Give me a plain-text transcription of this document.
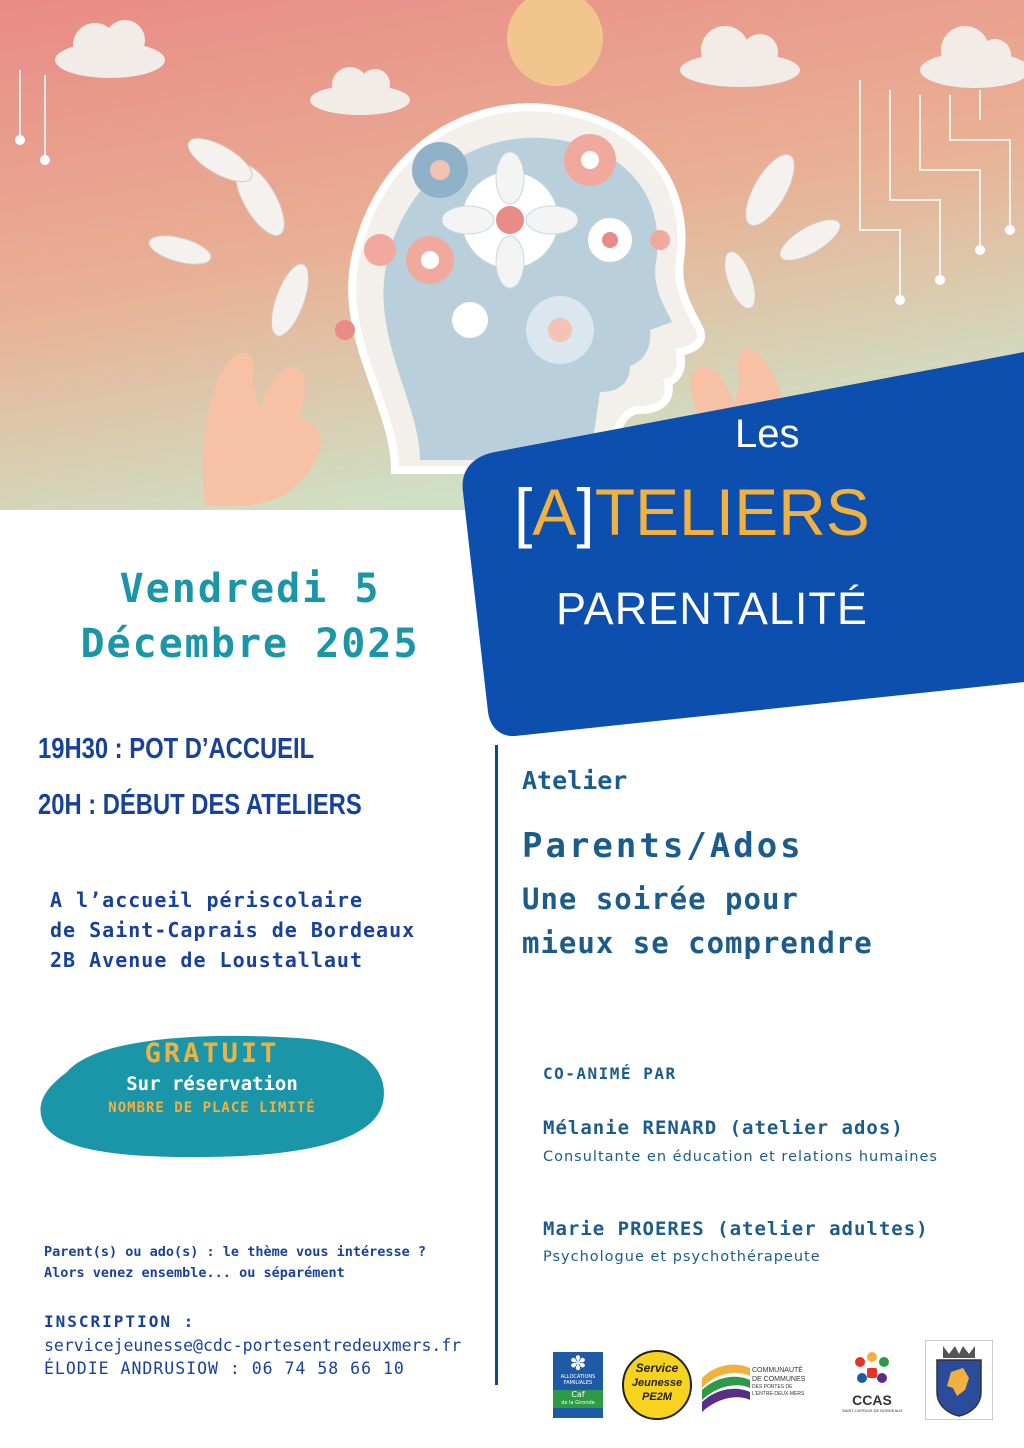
Les
[A]TELIERS
PARENTALITÉ
Vendredi 5
Décembre 2025
19H30 : POT D’ACCUEIL
20H : DÉBUT DES ATELIERS
A l’accueil périscolaire
de Saint-Caprais de Bordeaux
2B Avenue de Loustallaut
GRATUIT
Sur réservation
NOMBRE DE PLACE LIMITÉ
Parent(s) ou ado(s) : le thème vous intéresse ?
Alors venez ensemble... ou séparément
INSCRIPTION :
servicejeunesse@cdc-portesentredeuxmers.fr
ÉLODIE ANDRUSIOW : 06 74 58 66 10
Atelier
Parents/Ados
Une soirée pour
mieux se comprendre
CO-ANIMÉ PAR
Mélanie RENARD (atelier ados)
Consultante en éducation et relations humaines
Marie PROERES (atelier adultes)
Psychologue et psychothérapeute
✽
ALLOCATIONS
FAMILIALES
Caf
de la Gironde
Service
Jeunesse
PE2M
COMMUNAUTÉ
DE COMMUNES
DES PORTES DE
L'ENTRE-DEUX-MERS	CCAS
SAINT-CAPRAIS DE BORDEAUX
